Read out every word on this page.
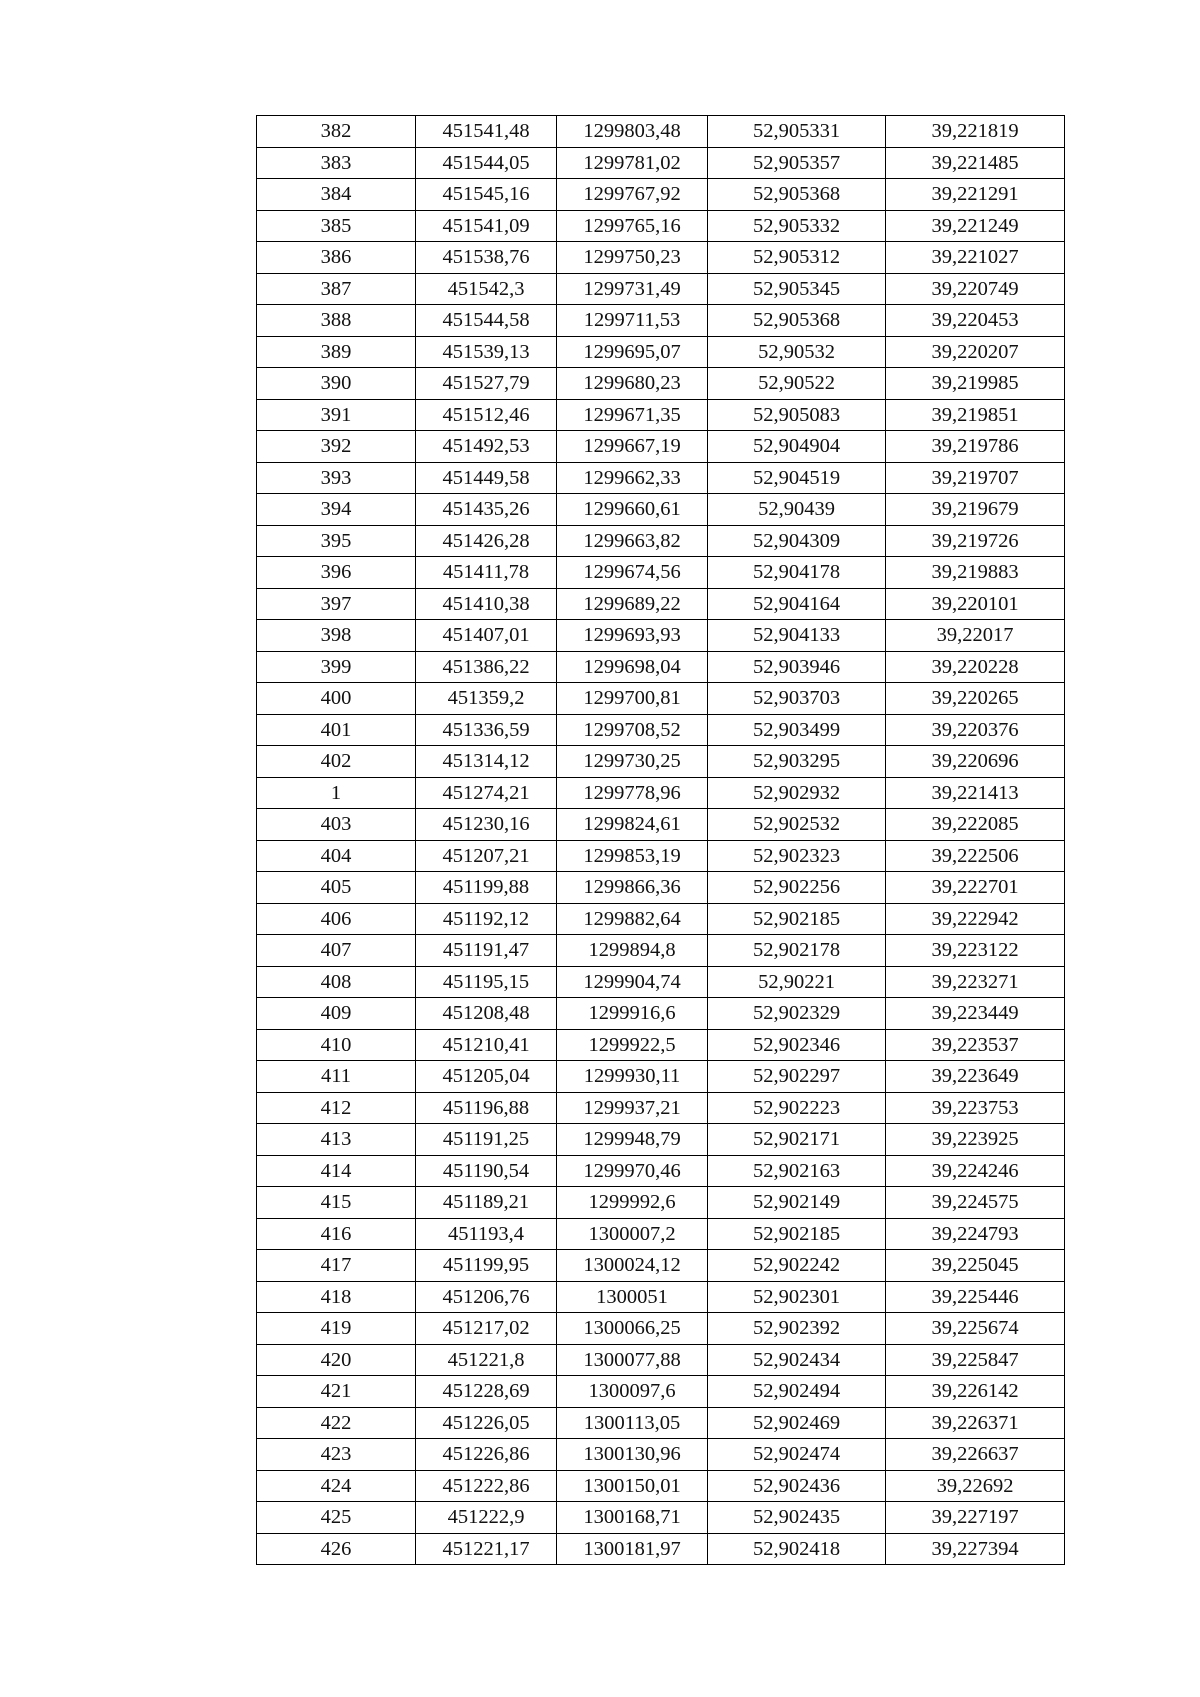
382	451541,48	1299803,48	52,905331	39,221819
383	451544,05	1299781,02	52,905357	39,221485
384	451545,16	1299767,92	52,905368	39,221291
385	451541,09	1299765,16	52,905332	39,221249
386	451538,76	1299750,23	52,905312	39,221027
387	451542,3	1299731,49	52,905345	39,220749
388	451544,58	1299711,53	52,905368	39,220453
389	451539,13	1299695,07	52,90532	39,220207
390	451527,79	1299680,23	52,90522	39,219985
391	451512,46	1299671,35	52,905083	39,219851
392	451492,53	1299667,19	52,904904	39,219786
393	451449,58	1299662,33	52,904519	39,219707
394	451435,26	1299660,61	52,90439	39,219679
395	451426,28	1299663,82	52,904309	39,219726
396	451411,78	1299674,56	52,904178	39,219883
397	451410,38	1299689,22	52,904164	39,220101
398	451407,01	1299693,93	52,904133	39,22017
399	451386,22	1299698,04	52,903946	39,220228
400	451359,2	1299700,81	52,903703	39,220265
401	451336,59	1299708,52	52,903499	39,220376
402	451314,12	1299730,25	52,903295	39,220696
1	451274,21	1299778,96	52,902932	39,221413
403	451230,16	1299824,61	52,902532	39,222085
404	451207,21	1299853,19	52,902323	39,222506
405	451199,88	1299866,36	52,902256	39,222701
406	451192,12	1299882,64	52,902185	39,222942
407	451191,47	1299894,8	52,902178	39,223122
408	451195,15	1299904,74	52,90221	39,223271
409	451208,48	1299916,6	52,902329	39,223449
410	451210,41	1299922,5	52,902346	39,223537
411	451205,04	1299930,11	52,902297	39,223649
412	451196,88	1299937,21	52,902223	39,223753
413	451191,25	1299948,79	52,902171	39,223925
414	451190,54	1299970,46	52,902163	39,224246
415	451189,21	1299992,6	52,902149	39,224575
416	451193,4	1300007,2	52,902185	39,224793
417	451199,95	1300024,12	52,902242	39,225045
418	451206,76	1300051	52,902301	39,225446
419	451217,02	1300066,25	52,902392	39,225674
420	451221,8	1300077,88	52,902434	39,225847
421	451228,69	1300097,6	52,902494	39,226142
422	451226,05	1300113,05	52,902469	39,226371
423	451226,86	1300130,96	52,902474	39,226637
424	451222,86	1300150,01	52,902436	39,22692
425	451222,9	1300168,71	52,902435	39,227197
426	451221,17	1300181,97	52,902418	39,227394
